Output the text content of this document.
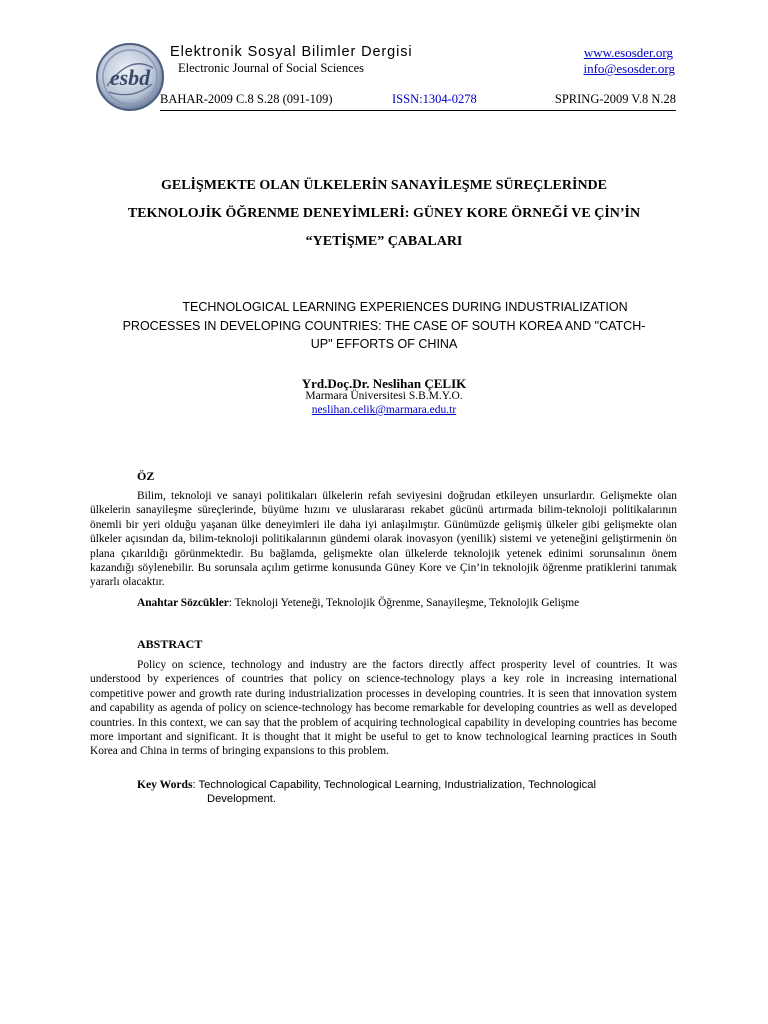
esbd
Elektronik Sosyal Bilimler Dergisi
Electronic Journal of Social Sciences
www.esosder.org
info@esosder.org
BAHAR-2009 C.8 S.28 (091-109)	ISSN:1304-0278	SPRING-2009 V.8 N.28
GELİŞMEKTE OLAN ÜLKELERİN SANAYİLEŞME SÜREÇLERİNDE
TEKNOLOJİK ÖĞRENME DENEYİMLERİ: GÜNEY KORE ÖRNEĞİ VE ÇİN’İN
“YETİŞME” ÇABALARI
TECHNOLOGICAL LEARNING EXPERIENCES DURING INDUSTRIALIZATION
PROCESSES IN DEVELOPING COUNTRIES: THE CASE OF SOUTH KOREA AND "CATCH-
UP" EFFORTS OF CHINA
Yrd.Doç.Dr. Neslihan ÇELIK
Marmara Üniversitesi S.B.M.Y.O.
neslihan.celik@marmara.edu.tr
ÖZ
Bilim, teknoloji ve sanayi politikaları ülkelerin refah seviyesini doğrudan etkileyen unsurlardır. Gelişmekte olan ülkelerin sanayileşme süreçlerinde, büyüme hızını ve uluslararası rekabet gücünü artırmada bilim-teknoloji politikalarının önemli bir yeri olduğu yaşanan ülke deneyimleri ile daha iyi anlaşılmıştır. Günümüzde gelişmiş ülkeler gibi gelişmekte olan ülkeler açısından da, bilim-teknoloji politikalarının gündemi olarak inovasyon (yenilik) sistemi ve yeteneğini geliştirmenin ön plana çıkarıldığı görünmektedir. Bu bağlamda, gelişmekte olan ülkelerde teknolojik yetenek edinimi sorunsalının önem kazandığı söylenebilir. Bu sorunsala açılım getirme konusunda Güney Kore ve Çin’in teknolojik öğrenme pratiklerini tanımak yararlı olacaktır.
Anahtar Sözcükler: Teknoloji Yeteneği, Teknolojik Öğrenme, Sanayileşme, Teknolojik Gelişme
ABSTRACT
Policy on science, technology and industry are the factors directly affect prosperity level of countries. It was understood by experiences of countries that policy on science-technology plays a key role in increasing international competitive power and growth rate during industrialization processes in developing countries. It is seen that innovation system and capability as agenda of policy on science-technology has become remarkable for developing countries as well as developed countries. In this context, we can say that the problem of acquiring technological capability in developing countries has become more important and significant. It is thought that it might be useful to get to know technological learning practices in South Korea and China in terms of bringing expansions to this problem.
Key Words: Technological Capability, Technological Learning, Industrialization, Technological
Development.
